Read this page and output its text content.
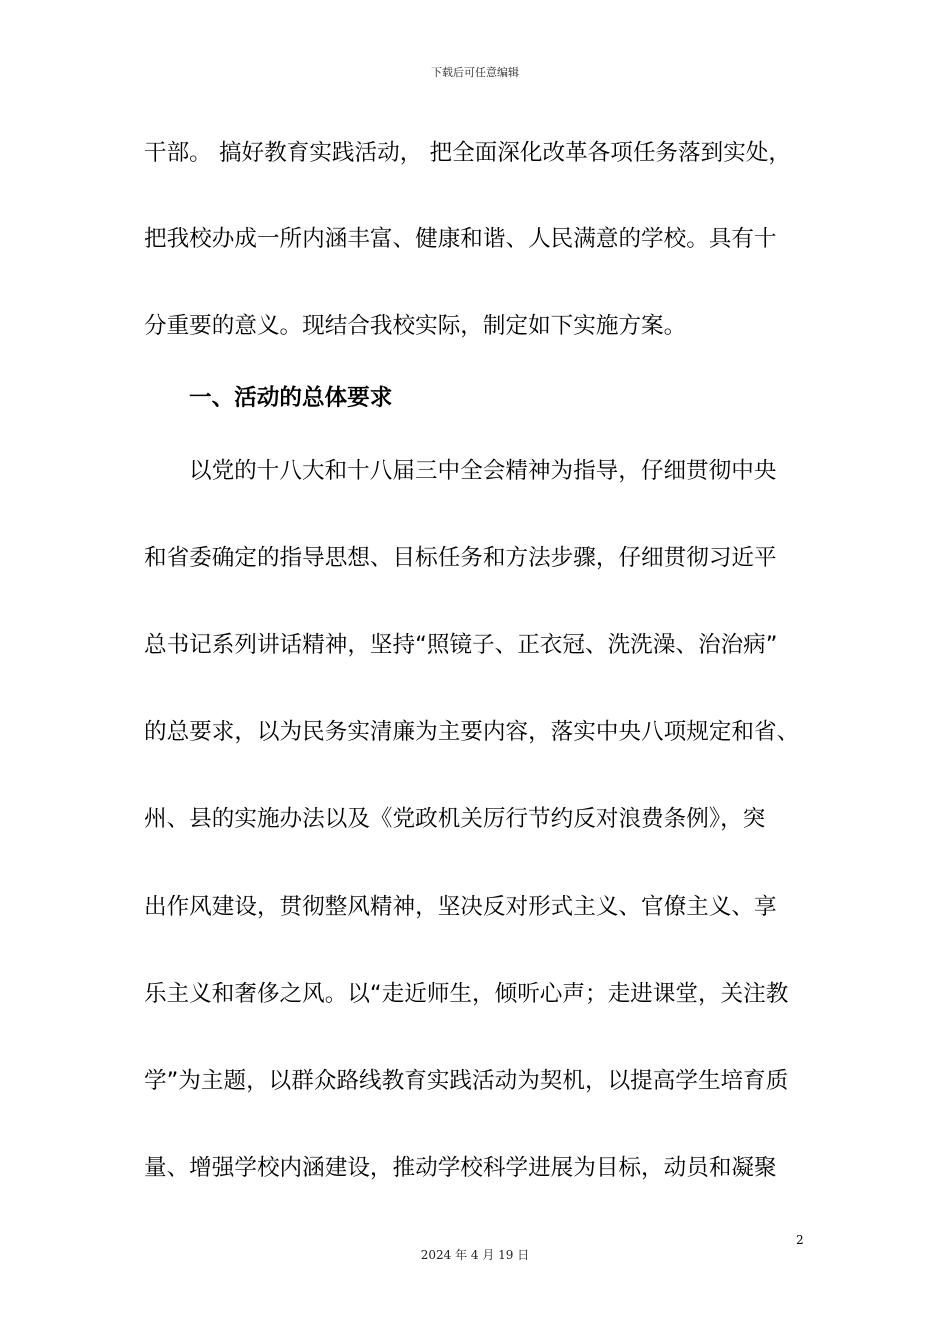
下载后可任意编辑
干部。 搞好教育实践活动， 把全面深化改革各项任务落到实处，
把我校办成一所内涵丰富、健康和谐、人民满意的学校。具有十
分重要的意义。现结合我校实际，制定如下实施方案。
一、活动的总体要求
以党的十八大和十八届三中全会精神为指导，仔细贯彻中央
和省委确定的指导思想、目标任务和方法步骤，仔细贯彻习近平
总书记系列讲话精神，坚持“照镜子、正衣冠、洗洗澡、治治病”
的总要求，以为民务实清廉为主要内容，落实中央八项规定和省、
州、县的实施办法以及《党政机关厉行节约反对浪费条例》，突
出作风建设，贯彻整风精神，坚决反对形式主义、官僚主义、享
乐主义和奢侈之风。以“走近师生，倾听心声；走进课堂，关注教
学”为主题，以群众路线教育实践活动为契机，以提高学生培育质
量、增强学校内涵建设，推动学校科学进展为目标，动员和凝聚
2
2024 年 4 月 19 日
